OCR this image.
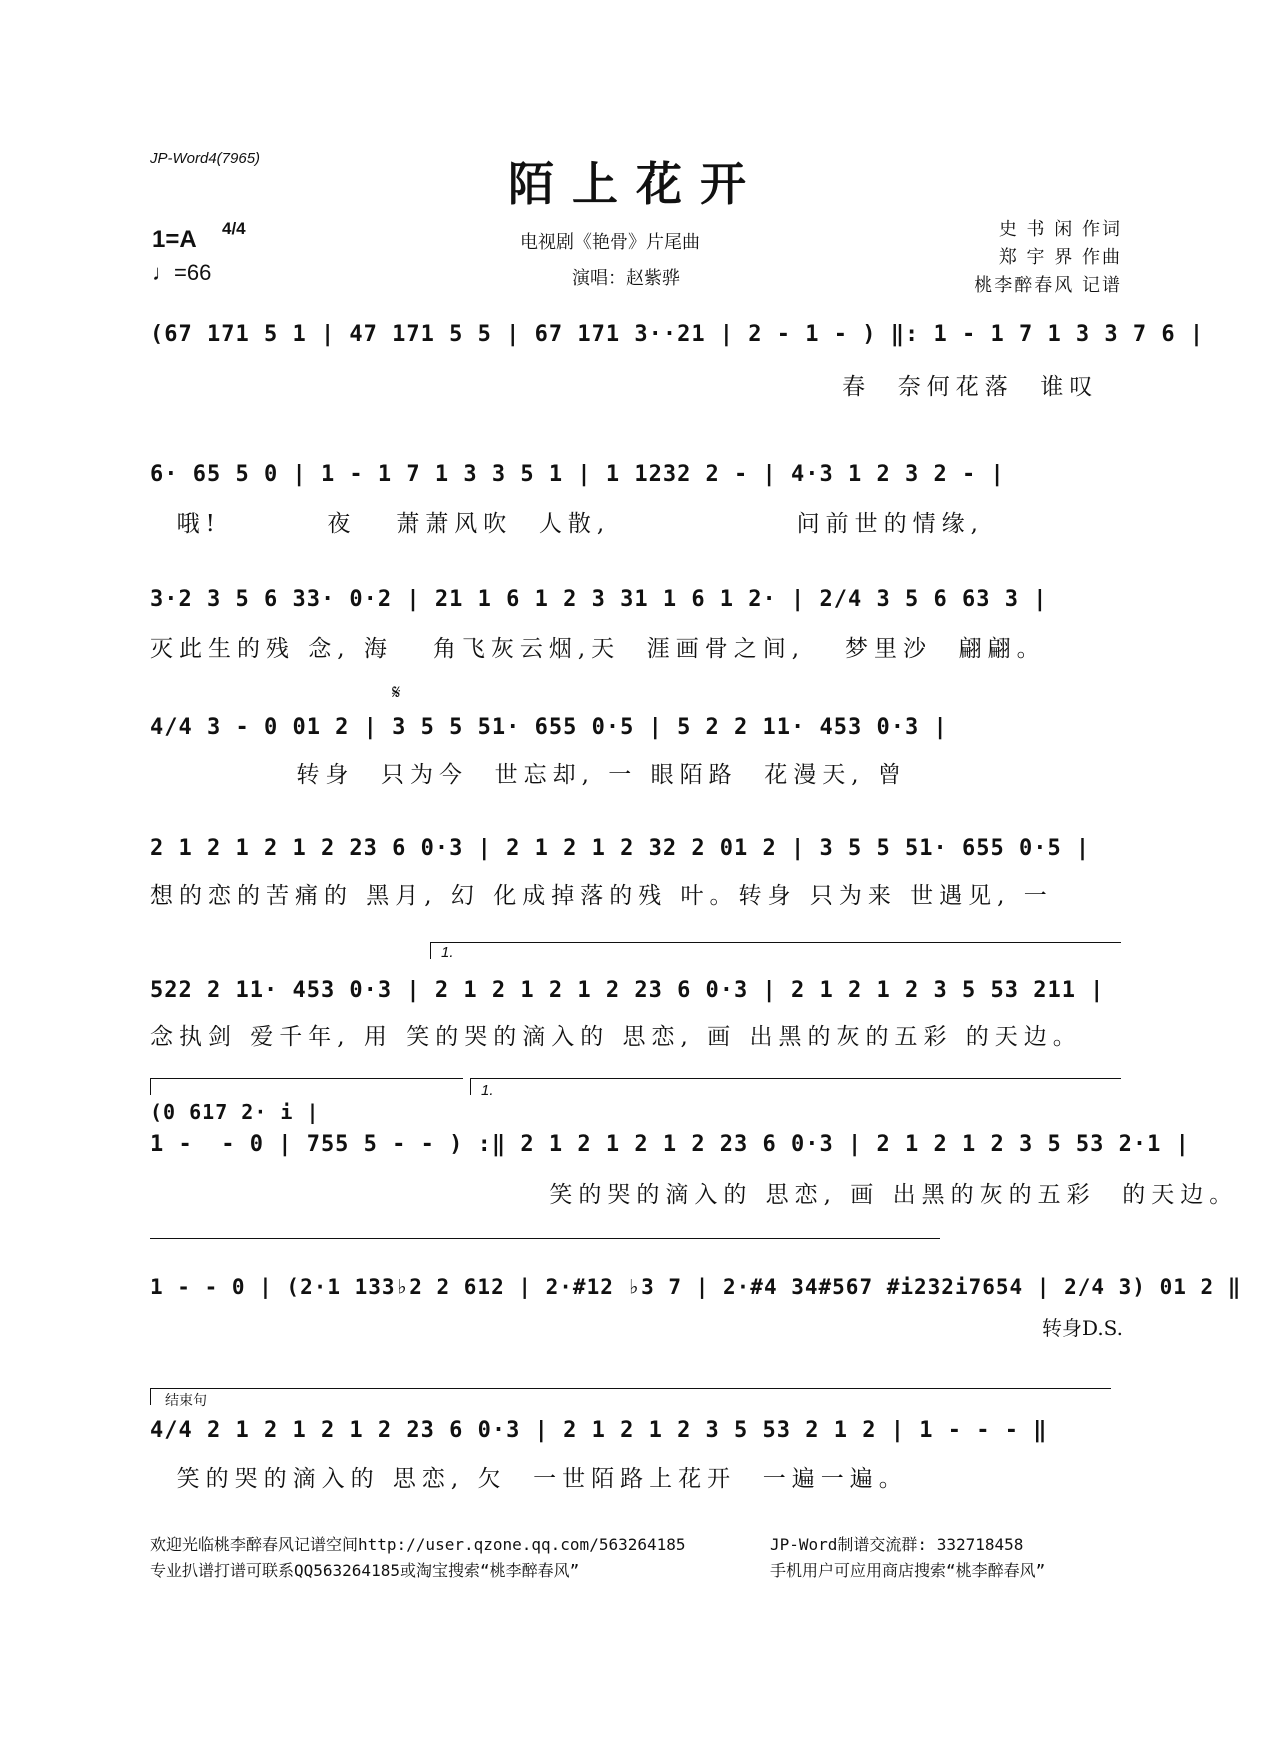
JP-Word4(7965)	陌上花开
1=A 4/4
♩=66
电视剧《艳骨》片尾曲
演唱：赵紫骅
史 书 闲 作词
郑 宇 界 作曲
桃李醉春风 记谱
(67 171 5 1 | 47 171 5 5 | 67 171 3··21 | 2 - 1 - ) ‖: 1 - 1 7 1 3 3 7 6 |
春  奈何花落  谁叹
6· 65 5 0 | 1 - 1 7 1 3 3 5 1 | 1 1232 2 - | 4·3 1 2 3 2 - |
哦!        夜   萧萧风吹  人散,              问前世的情缘,
3·2 3 5 6 33· 0·2 | 21 1 6 1 2 3 31 1 6 1 2· | 2/4 3 5 6 63 3 |
灭此生的残 念, 海   角飞灰云烟,天  涯画骨之间,   梦里沙  翩翩。
𝄋
4/4 3 - 0 01 2 | 3 5 5 51· 655 0·5 | 5 2 2 11· 453 0·3 |
转身  只为今  世忘却, 一 眼陌路  花漫天, 曾
2 1 2 1 2 1 2 23 6 0·3 | 2 1 2 1 2 32 2 01 2 | 3 5 5 51· 655 0·5 |
想的恋的苦痛的 黑月, 幻 化成掉落的残 叶。转身 只为来 世遇见, 一
1.
522 2 11· 453 0·3 | 2 1 2 1 2 1 2 23 6 0·3 | 2 1 2 1 2 3 5 53 211 |
念执剑 爱千年, 用 笑的哭的滴入的 思恋, 画 出黑的灰的五彩 的天边。
1.
(0 617 2· i |
1 -  - 0 | 755 5 - - ) :‖ 2 1 2 1 2 1 2 23 6 0·3 | 2 1 2 1 2 3 5 53 2·1 |
笑的哭的滴入的 思恋, 画 出黑的灰的五彩  的天边。
1 - - 0 | (2·1 133♭2 2 612 | 2·#12 ♭3 7 | 2·#4 34#567 #i232i7654 | 2/4 3) 01 2 ‖
转身D.S.
结束句
4/4 2 1 2 1 2 1 2 23 6 0·3 | 2 1 2 1 2 3 5 53 2 1 2 | 1 - - - ‖
笑的哭的滴入的 思恋, 欠  一世陌路上花开  一遍一遍。
欢迎光临桃李醉春风记谱空间http://user.qzone.qq.com/563264185	JP-Word制谱交流群: 332718458
专业扒谱打谱可联系QQ563264185或淘宝搜索“桃李醉春风”	手机用户可应用商店搜索“桃李醉春风”
